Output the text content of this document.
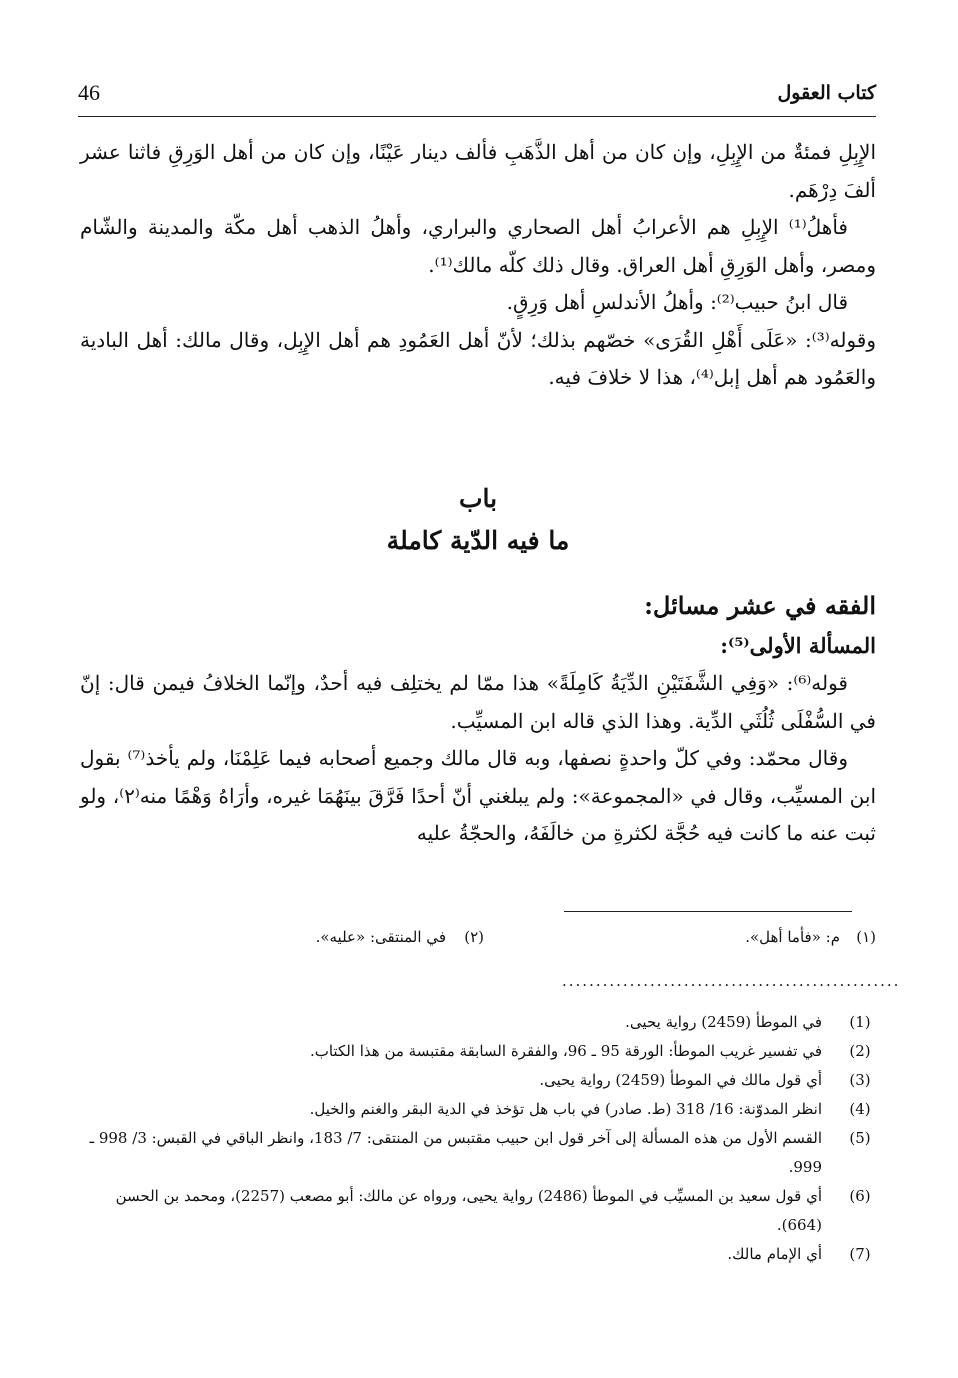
46	كتاب العقول

الإِبِلِ فمئةٌ من الإِبِلِ، وإن كان من أهل الذَّهَبِ فألف دينار عَيْنًا، وإن كان من أهل الوَرِقِ فاثنا عشر ألفَ دِرْهَم.

فأهلُ⁽¹⁾ الإِبِلِ هم الأعرابُ أهل الصحاري والبراري، وأهلُ الذهب أهل مكّة والمدينة والشّام ومصر، وأهل الوَرِقِ أهل العراق. وقال ذلك كلّه مالك⁽¹⁾.

قال ابنُ حبيب⁽²⁾: وأهلُ الأندلسِ أهل وَرِقٍ.

وقوله⁽³⁾: «عَلَى أَهْلِ القُرَى» خصّهم بذلك؛ لأنّ أهل العَمُودِ هم أهل الإِبِل، وقال مالك: أهل البادية والعَمُود هم أهل إبل⁽⁴⁾، هذا لا خلافَ فيه.

باب
ما فيه الدّية كاملة

الفقه في عشر مسائل:

المسألة الأولى⁽⁵⁾:

قوله⁽⁶⁾: «وَفِي الشَّفَتَيْنِ الدِّيَةُ كَامِلَةً» هذا ممّا لم يختلِف فيه أحدٌ، وإنّما الخلافُ فيمن قال: إنّ في السُّفْلَى ثُلُثَي الدِّية. وهذا الذي قاله ابن المسيِّب.

وقال محمّد: وفي كلّ واحدةٍ نصفها، وبه قال مالك وجميع أصحابه فيما عَلِمْنَا، ولم يأخذ⁽⁷⁾ بقول ابن المسيِّب، وقال في «المجموعة»: ولم يبلغني أنّ أحدًا فَرَّقَ بينَهُمَا غيره، وأرَاهُ وَهْمًا منه⁽٢⁾، ولو ثبت عنه ما كانت فيه حُجَّة لكثرةِ من خالَفَهُ، والحجّةُ عليه

(١)
م: «فأما أهل».
(٢)
في المنتقى: «عليه».
..................................................
(1)
في الموطأ (2459) رواية يحيى.
(2)
في تفسير غريب الموطأ: الورقة 95 ـ 96، والفقرة السابقة مقتبسة من هذا الكتاب.
(3)
أي قول مالك في الموطأ (2459) رواية يحيى.
(4)
انظر المدوّنة: 16/ 318 (ط. صادر) في باب هل تؤخذ في الدية البقر والغنم والخيل.
(5)
القسم الأول من هذه المسألة إلى آخر قول ابن حبيب مقتبس من المنتقى: 7/ 183، وانظر الباقي في القبس: 3/ 998 ـ 999.
(6)
أي قول سعيد بن المسيِّب في الموطأ (2486) رواية يحيى، ورواه عن مالك: أبو مصعب (2257)، ومحمد بن الحسن (664).
(7)
أي الإمام مالك.
